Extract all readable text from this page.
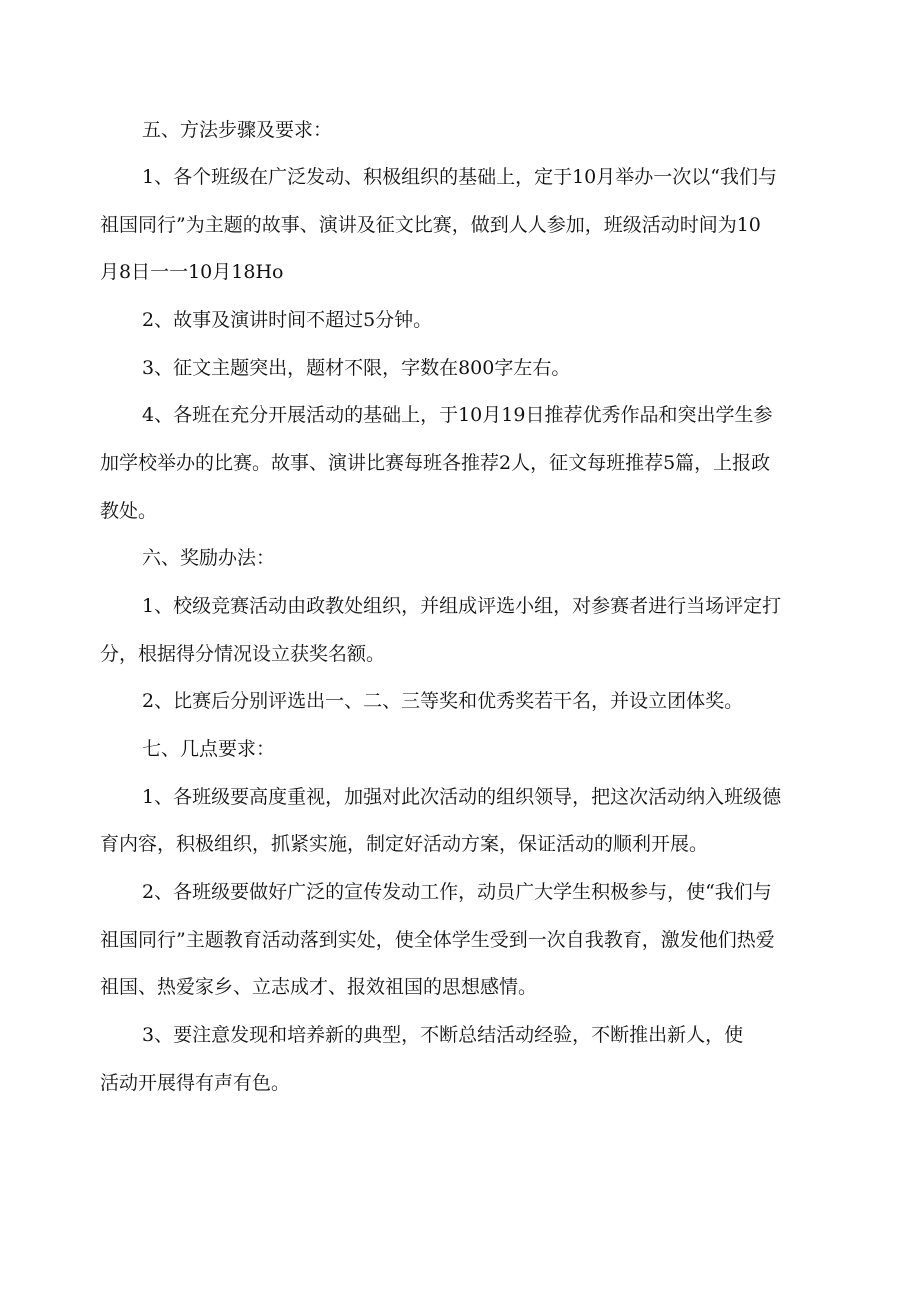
五、方法步骤及要求：

1、各个班级在广泛发动、积极组织的基础上，定于10月举办一次以“我们与

祖国同行”为主题的故事、演讲及征文比赛，做到人人参加，班级活动时间为10

月8日一一10月18Ho

2、故事及演讲时间不超过5分钟。

3、征文主题突出，题材不限，字数在800字左右。

4、各班在充分开展活动的基础上，于10月19日推荐优秀作品和突出学生参

加学校举办的比赛。故事、演讲比赛每班各推荐2人，征文每班推荐5篇，上报政

教处。

六、奖励办法：

1、校级竞赛活动由政教处组织，并组成评选小组，对参赛者进行当场评定打

分，根据得分情况设立获奖名额。

2、比赛后分别评选出一、二、三等奖和优秀奖若干名，并设立团体奖。

七、几点要求：

1、各班级要高度重视，加强对此次活动的组织领导，把这次活动纳入班级德

育内容，积极组织，抓紧实施，制定好活动方案，保证活动的顺利开展。

2、各班级要做好广泛的宣传发动工作，动员广大学生积极参与，使“我们与

祖国同行”主题教育活动落到实处，使全体学生受到一次自我教育，激发他们热爱

祖国、热爱家乡、立志成才、报效祖国的思想感情。

3、要注意发现和培养新的典型，不断总结活动经验，不断推出新人，使

活动开展得有声有色。
